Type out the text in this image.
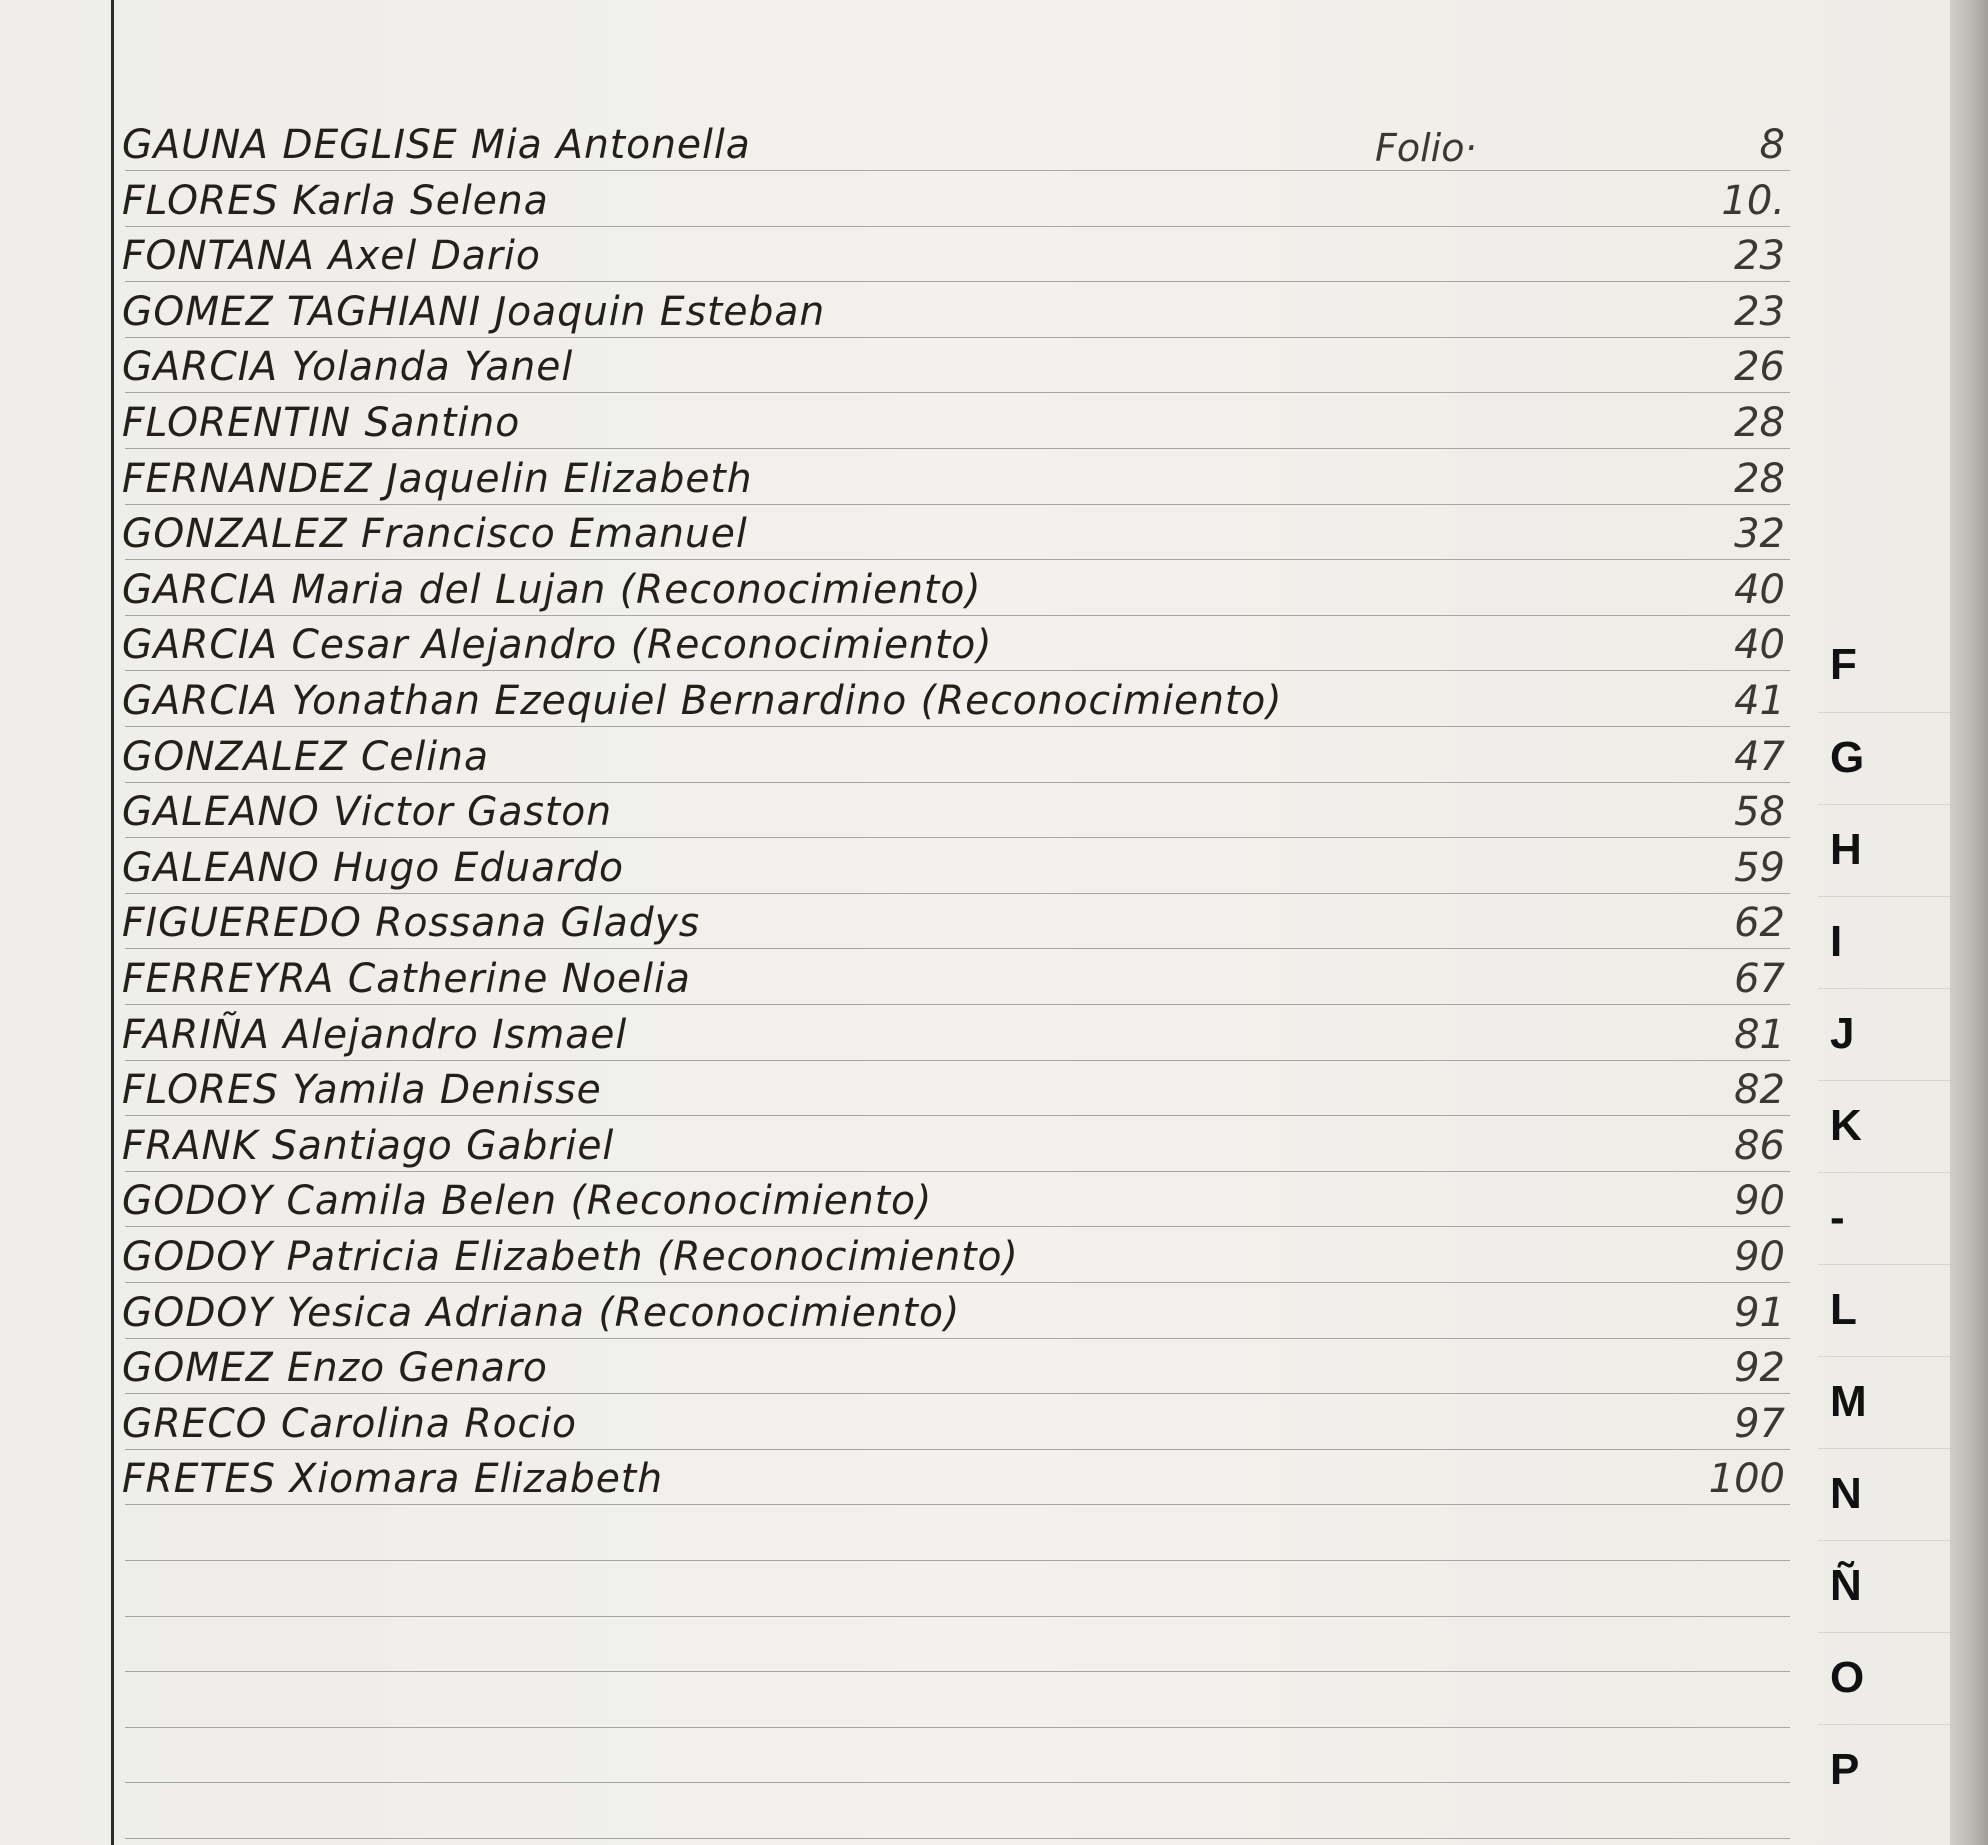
Folio·
GAUNA DEGLISE Mia Antonella	8
FLORES Karla Selena	10.
FONTANA Axel Dario	23
GOMEZ TAGHIANI Joaquin Esteban	23
GARCIA Yolanda Yanel	26
FLORENTIN Santino	28
FERNANDEZ Jaquelin Elizabeth	28
GONZALEZ Francisco Emanuel	32
GARCIA Maria del Lujan (Reconocimiento)	40
GARCIA Cesar Alejandro (Reconocimiento)	40
GARCIA Yonathan Ezequiel Bernardino (Reconocimiento)	41
GONZALEZ Celina	47
GALEANO Victor Gaston	58
GALEANO Hugo Eduardo	59
FIGUEREDO Rossana Gladys	62
FERREYRA Catherine Noelia	67
FARIÑA Alejandro Ismael	81
FLORES Yamila Denisse	82
FRANK Santiago Gabriel	86
GODOY Camila Belen (Reconocimiento)	90
GODOY Patricia Elizabeth (Reconocimiento)	90
GODOY Yesica Adriana (Reconocimiento)	91
GOMEZ Enzo Genaro	92
GRECO Carolina Rocio	97
FRETES Xiomara Elizabeth	100
F
G
H
I
J
K
-
L
M
N
Ñ
O
P
